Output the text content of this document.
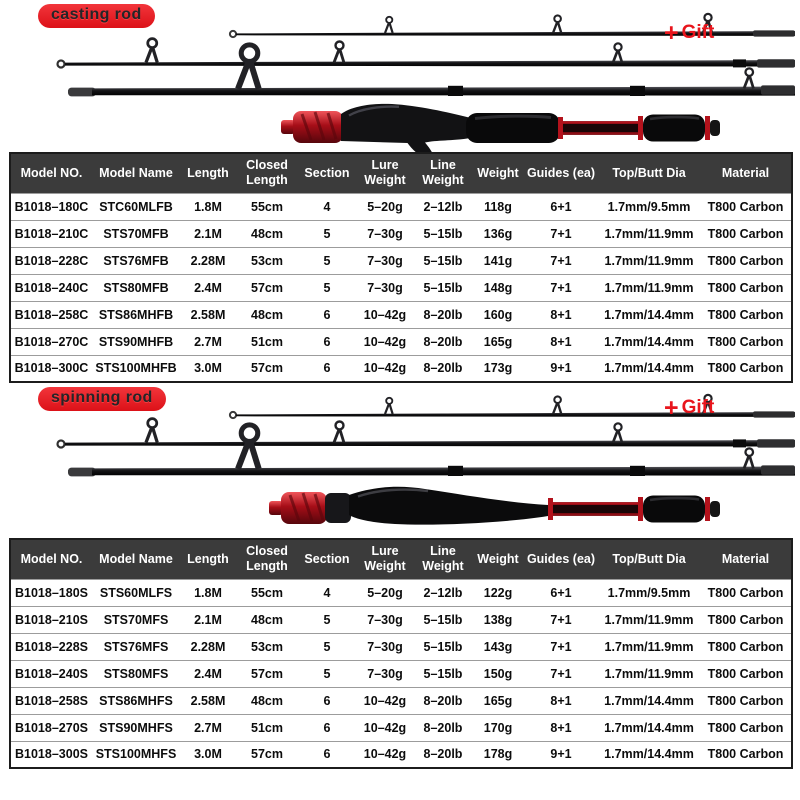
casting rod
+ Gift
Model NO.	Model Name	Length	Closed Length	Section	Lure Weight	Line Weight	Weight	Guides (ea)	Top/Butt Dia	Material
B1018–180C	STC60MLFB	1.8M	55cm	4	5–20g	2–12lb	118g	6+1	1.7mm/9.5mm	T800 Carbon
B1018–210C	STS70MFB	2.1M	48cm	5	7–30g	5–15lb	136g	7+1	1.7mm/11.9mm	T800 Carbon
B1018–228C	STS76MFB	2.28M	53cm	5	7–30g	5–15lb	141g	7+1	1.7mm/11.9mm	T800 Carbon
B1018–240C	STS80MFB	2.4M	57cm	5	7–30g	5–15lb	148g	7+1	1.7mm/11.9mm	T800 Carbon
B1018–258C	STS86MHFB	2.58M	48cm	6	10–42g	8–20lb	160g	8+1	1.7mm/14.4mm	T800 Carbon
B1018–270C	STS90MHFB	2.7M	51cm	6	10–42g	8–20lb	165g	8+1	1.7mm/14.4mm	T800 Carbon
B1018–300C	STS100MHFB	3.0M	57cm	6	10–42g	8–20lb	173g	9+1	1.7mm/14.4mm	T800 Carbon
spinning rod	+ Gift
Model NO.	Model Name	Length	Closed Length	Section	Lure Weight	Line Weight	Weight	Guides (ea)	Top/Butt Dia	Material
B1018–180S	STS60MLFS	1.8M	55cm	4	5–20g	2–12lb	122g	6+1	1.7mm/9.5mm	T800 Carbon
B1018–210S	STS70MFS	2.1M	48cm	5	7–30g	5–15lb	138g	7+1	1.7mm/11.9mm	T800 Carbon
B1018–228S	STS76MFS	2.28M	53cm	5	7–30g	5–15lb	143g	7+1	1.7mm/11.9mm	T800 Carbon
B1018–240S	STS80MFS	2.4M	57cm	5	7–30g	5–15lb	150g	7+1	1.7mm/11.9mm	T800 Carbon
B1018–258S	STS86MHFS	2.58M	48cm	6	10–42g	8–20lb	165g	8+1	1.7mm/14.4mm	T800 Carbon
B1018–270S	STS90MHFS	2.7M	51cm	6	10–42g	8–20lb	170g	8+1	1.7mm/14.4mm	T800 Carbon
B1018–300S	STS100MHFS	3.0M	57cm	6	10–42g	8–20lb	178g	9+1	1.7mm/14.4mm	T800 Carbon
